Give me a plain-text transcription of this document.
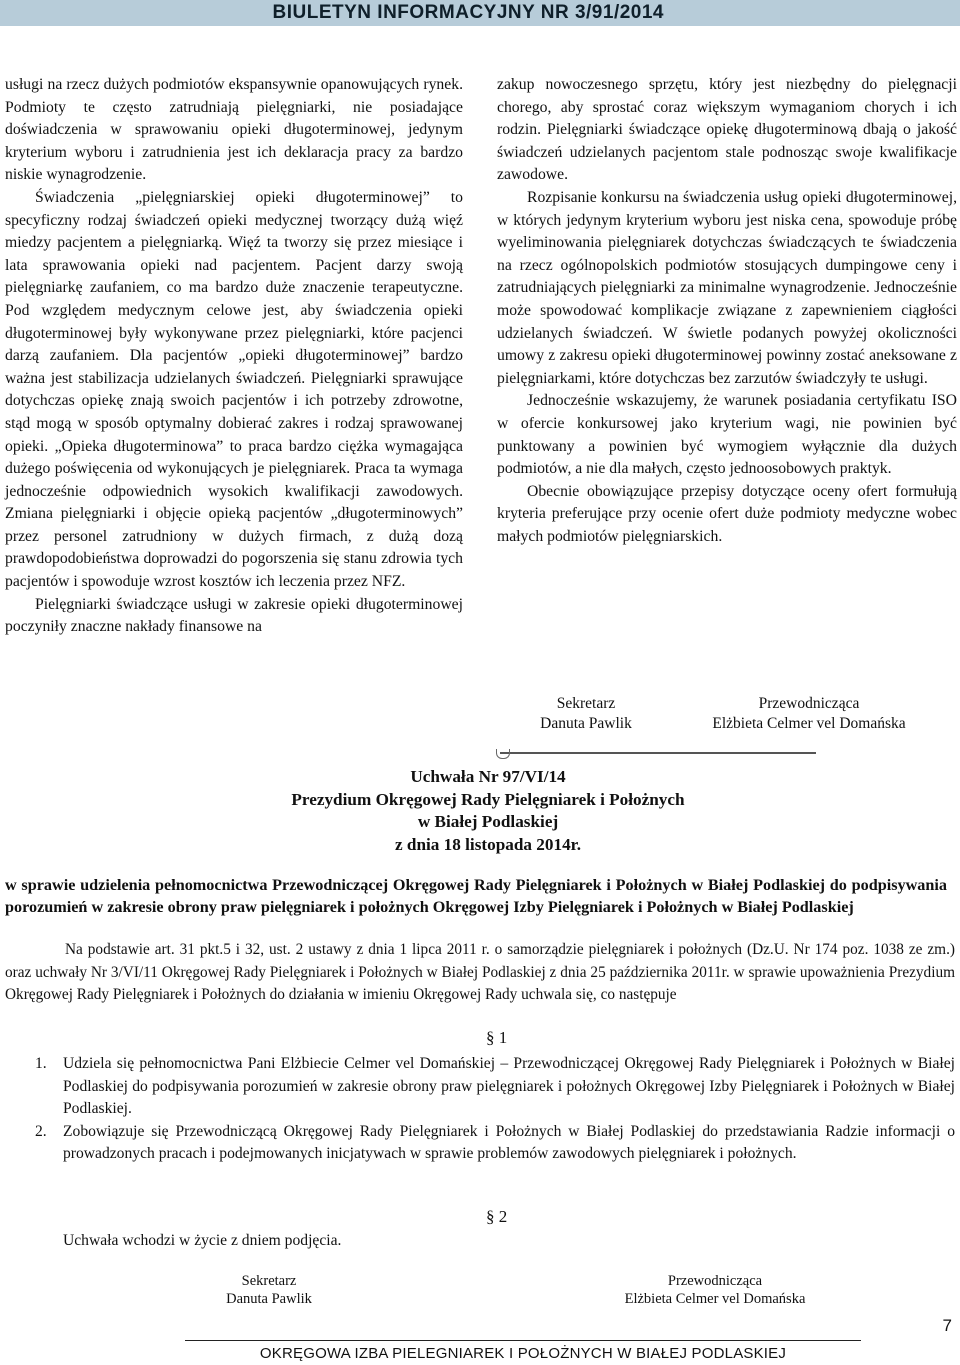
BIULETYN INFORMACYJNY NR 3/91/2014

usługi na rzecz dużych podmiotów ekspansywnie opanowujących rynek. Podmioty te często zatrudniają pielęgniarki, nie posiadające doświadczenia w sprawowaniu opieki długoterminowej, jedynym kryterium wyboru i zatrudnienia jest ich deklaracja pracy za bardzo niskie wynagrodzenie.

Świadczenia „pielęgniarskiej opieki długoterminowej” to specyficzny rodzaj świadczeń opieki medycznej tworzący dużą więź miedzy pacjentem a pielęgniarką. Więź ta tworzy się przez miesiące i lata sprawowania opieki nad pacjentem. Pacjent darzy swoją pielęgniarkę zaufaniem, co ma bardzo duże znaczenie terapeutyczne. Pod względem medycznym celowe jest, aby świadczenia opieki długoterminowej były wykonywane przez pielęgniarki, które pacjenci darzą zaufaniem. Dla pacjentów „opieki długoterminowej” bardzo ważna jest stabilizacja udzielanych świadczeń. Pielęgniarki sprawujące dotychczas opiekę znają swoich pacjentów i ich potrzeby zdrowotne, stąd mogą w sposób optymalny dobierać zakres i rodzaj sprawowanej opieki. „Opieka długoterminowa” to praca bardzo ciężka wymagająca dużego poświęcenia od wykonujących je pielęgniarek. Praca ta wymaga jednocześnie odpowiednich wysokich kwalifikacji zawodowych. Zmiana pielęgniarki i objęcie opieką pacjentów „długoterminowych” przez personel zatrudniony w dużych firmach, z dużą dozą prawdopodobieństwa doprowadzi do pogorszenia się stanu zdrowia tych pacjentów i spowoduje wzrost kosztów ich leczenia przez NFZ.

Pielęgniarki świadczące usługi w zakresie opieki długoterminowej poczyniły znaczne nakłady finansowe na

zakup nowoczesnego sprzętu, który jest niezbędny do pielęgnacji chorego, aby sprostać coraz większym wymaganiom chorych i ich rodzin. Pielęgniarki świadczące opiekę długoterminową dbają o jakość świadczeń udzielanych pacjentom stale podnosząc swoje kwalifikacje zawodowe.

Rozpisanie konkursu na świadczenia usług opieki długoterminowej, w których jedynym kryterium wyboru jest niska cena, spowoduje próbę wyeliminowania pielęgniarek dotychczas świadczących te świadczenia na rzecz ogólnopolskich podmiotów stosujących dumpingowe ceny i zatrudniających pielęgniarki za minimalne wynagrodzenie. Jednocześnie może spowodować komplikacje związane z zapewnieniem ciągłości udzielanych świadczeń. W świetle podanych powyżej okoliczności umowy z zakresu opieki długoterminowej powinny zostać aneksowane z pielęgniarkami, które dotychczas bez zarzutów świadczyły te usługi.

Jednocześnie wskazujemy, że warunek posiadania certyfikatu ISO w ofercie konkursowej jako kryterium wagi, nie powinien być punktowany a powinien być wymogiem wyłącznie dla dużych podmiotów, a nie dla małych, często jednoosobowych praktyk.

Obecnie obowiązujące przepisy dotyczące oceny ofert formułują kryteria preferujące przy ocenie ofert duże podmioty medyczne wobec małych podmiotów pielęgniarskich.

Sekretarz
Danuta Pawlik
Przewodnicząca
Elżbieta Celmer vel Domańska
Uchwała Nr 97/VI/14
Prezydium Okręgowej Rady Pielęgniarek i Położnych
w Białej Podlaskiej
z dnia 18 listopada 2014r.
w sprawie udzielenia pełnomocnictwa Przewodniczącej Okręgowej Rady Pielęgniarek i Położnych w Białej Podlaskiej do podpisywania porozumień w zakresie obrony praw pielęgniarek i położnych Okręgowej Izby Pielęgniarek i Położnych w Białej Podlaskiej
Na podstawie art. 31 pkt.5 i 32, ust. 2 ustawy z dnia 1 lipca 2011 r. o samorządzie pielęgniarek i położnych (Dz.U. Nr 174 poz. 1038 ze zm.) oraz uchwały Nr 3/VI/11 Okręgowej Rady Pielęgniarek i Położnych w Białej Podlaskiej z dnia 25 października 2011r. w sprawie upoważnienia Prezydium Okręgowej Rady Pielęgniarek i Położnych do działania w imieniu Okręgowej Rady uchwala się, co następuje
§ 1
1. Udziela się pełnomocnictwa Pani Elżbiecie Celmer vel Domańskiej – Przewodniczącej Okręgowej Rady Pielęgniarek i Położnych w Białej Podlaskiej do podpisywania porozumień w zakresie obrony praw pielęgniarek i położnych Okręgowej Izby Pielęgniarek i Położnych w Białej Podlaskiej.
2. Zobowiązuje się Przewodniczącą Okręgowej Rady Pielęgniarek i Położnych w Białej Podlaskiej do przedstawiania Radzie informacji o prowadzonych pracach i podejmowanych inicjatywach w sprawie problemów zawodowych pielęgniarek i położnych.
§ 2
Uchwała wchodzi w życie z dniem podjęcia.
Sekretarz
Danuta Pawlik
Przewodnicząca
Elżbieta Celmer vel Domańska
OKRĘGOWA IZBA PIELEGNIAREK I POŁOŻNYCH W BIAŁEJ PODLASKIEJ
7
